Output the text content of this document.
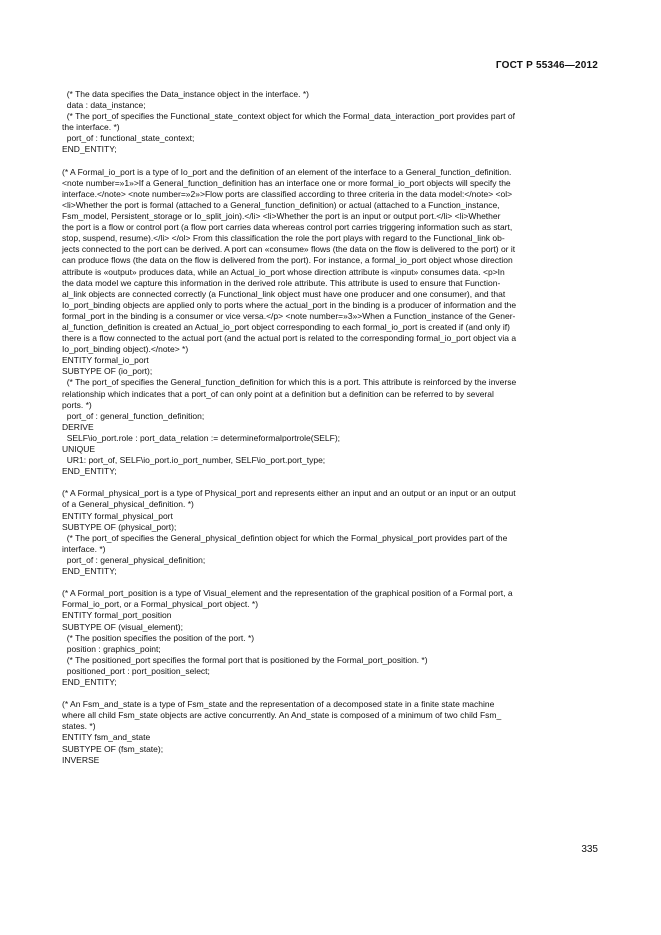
ГОСТ Р 55346—2012
(* The data specifies the Data_instance object in the interface. *)
data : data_instance;
(* The port_of specifies the Functional_state_context object for which the Formal_data_interaction_port provides part of
the interface. *)
port_of : functional_state_context;
END_ENTITY;
(* A Formal_io_port is a type of Io_port and the definition of an element of the interface to a General_function_definition.
<note number=»1»>If a General_function_definition has an interface one or more formal_io_port objects will specify the
interface.</note> <note number=»2»>Flow ports are classified according to three criteria in the data model:</note> <ol>
<li>Whether the port is formal (attached to a General_function_definition) or actual (attached to a Function_instance,
Fsm_model, Persistent_storage or Io_split_join).</li> <li>Whether the port is an input or output port.</li> <li>Whether
the port is a flow or control port (a flow port carries data whereas control port carries triggering information such as start,
stop, suspend, resume).</li> </ol> From this classification the role the port plays with regard to the Functional_link ob-
jects connected to the port can be derived. A port can «consume» flows (the data on the flow is delivered to the port) or it
can produce flows (the data on the flow is delivered from the port). For instance, a formal_io_port object whose direction
attribute is «output» produces data, while an Actual_io_port whose direction attribute is «input» consumes data. <p>In
the data model we capture this information in the derived role attribute. This attribute is used to ensure that Function-
al_link objects are connected correctly (a Functional_link object must have one producer and one consumer), and that
Io_port_binding objects are applied only to ports where the actual_port in the binding is a producer of information and the
formal_port in the binding is a consumer or vice versa.</p> <note number=»3»>When a Function_instance of the Gener-
al_function_definition is created an Actual_io_port object corresponding to each formal_io_port is created if (and only if)
there is a flow connected to the actual port (and the actual port is related to the corresponding formal_io_port object via a
Io_port_binding object).</note> *)
ENTITY formal_io_port
SUBTYPE OF (io_port);
(* The port_of specifies the General_function_definition for which this is a port. This attribute is reinforced by the inverse
relationship which indicates that a port_of can only point at a definition but a definition can be referred to by several
ports. *)
port_of : general_function_definition;
DERIVE
SELF\io_port.role : port_data_relation := determineformalportrole(SELF);
UNIQUE
UR1: port_of, SELF\io_port.io_port_number, SELF\io_port.port_type;
END_ENTITY;
(* A Formal_physical_port is a type of Physical_port and represents either an input and an output or an input or an output
of a General_physical_definition. *)
ENTITY formal_physical_port
SUBTYPE OF (physical_port);
(* The port_of specifies the General_physical_defintion object for which the Formal_physical_port provides part of the
interface. *)
port_of : general_physical_definition;
END_ENTITY;
(* A Formal_port_position is a type of Visual_element and the representation of the graphical position of a Formal port, a
Formal_io_port, or a Formal_physical_port object. *)
ENTITY formal_port_position
SUBTYPE OF (visual_element);
(* The position specifies the position of the port. *)
position : graphics_point;
(* The positioned_port specifies the formal port that is positioned by the Formal_port_position. *)
positioned_port : port_position_select;
END_ENTITY;
(* An Fsm_and_state is a type of Fsm_state and the representation of a decomposed state in a finite state machine
where all child Fsm_state objects are active concurrently. An And_state is composed of a minimum of two child Fsm_
states. *)
ENTITY fsm_and_state
SUBTYPE OF (fsm_state);
INVERSE
335
